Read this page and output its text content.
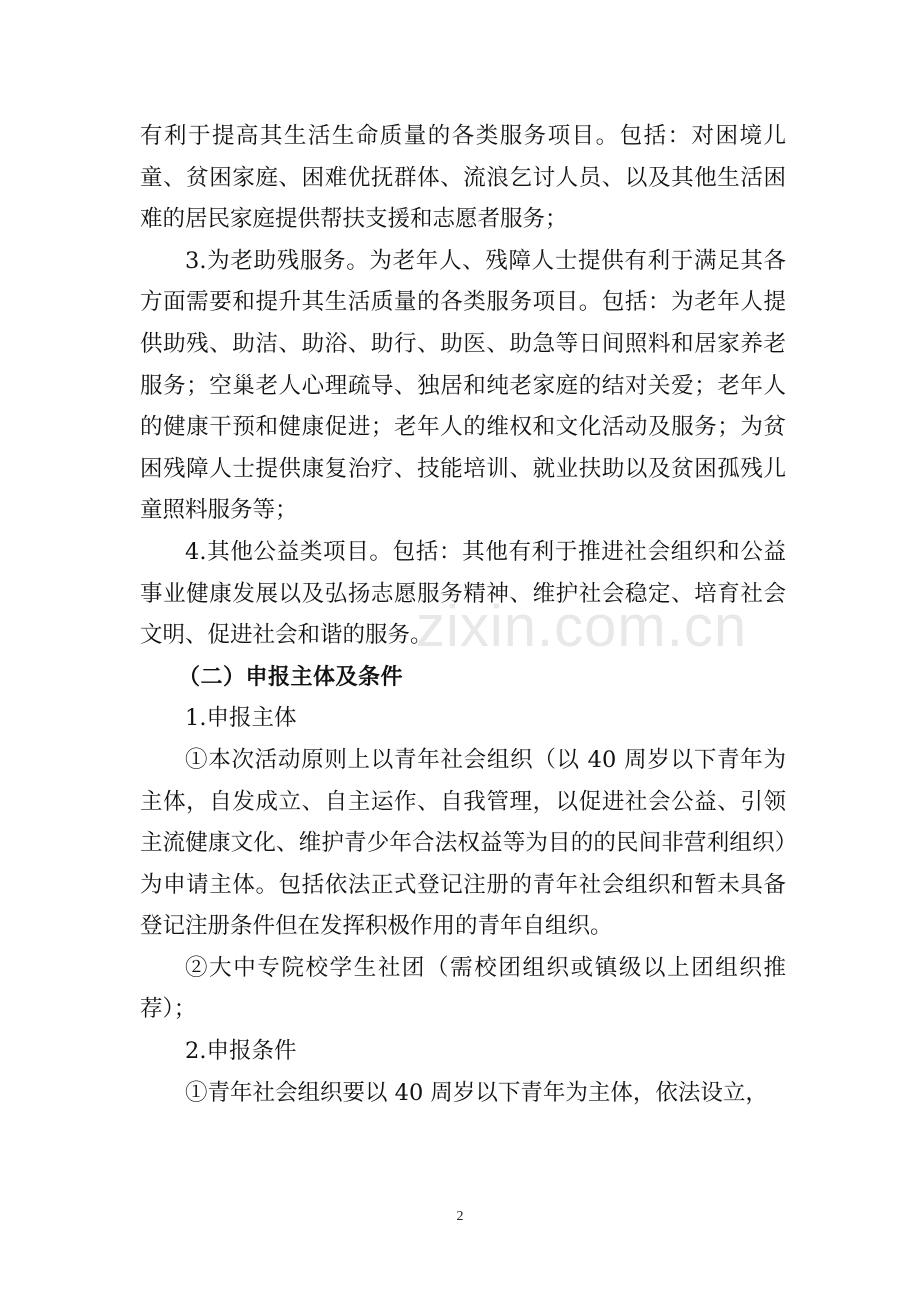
有利于提高其生活生命质量的各类服务项目。包括：对困境儿童、贫困家庭、困难优抚群体、流浪乞讨人员、以及其他生活困难的居民家庭提供帮扶支援和志愿者服务；

3.为老助残服务。为老年人、残障人士提供有利于满足其各方面需要和提升其生活质量的各类服务项目。包括：为老年人提供助残、助洁、助浴、助行、助医、助急等日间照料和居家养老服务；空巢老人心理疏导、独居和纯老家庭的结对关爱；老年人的健康干预和健康促进；老年人的维权和文化活动及服务；为贫困残障人士提供康复治疗、技能培训、就业扶助以及贫困孤残儿童照料服务等；

4.其他公益类项目。包括：其他有利于推进社会组织和公益事业健康发展以及弘扬志愿服务精神、维护社会稳定、培育社会文明、促进社会和谐的服务。

（二）申报主体及条件

1.申报主体

①本次活动原则上以青年社会组织（以 40 周岁以下青年为主体，自发成立、自主运作、自我管理，以促进社会公益、引领主流健康文化、维护青少年合法权益等为目的的民间非营利组织）为申请主体。包括依法正式登记注册的青年社会组织和暂未具备登记注册条件但在发挥积极作用的青年自组织。

②大中专院校学生社团（需校团组织或镇级以上团组织推荐）；

2.申报条件

①青年社会组织要以 40 周岁以下青年为主体，依法设立，

zixin.com.cn
2
